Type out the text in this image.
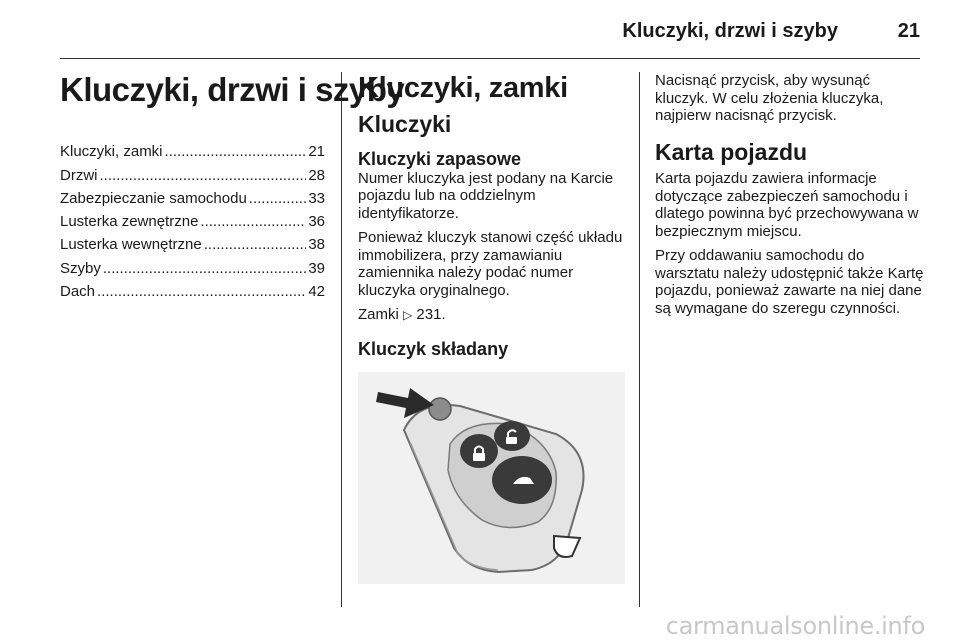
Kluczyki, drzwi i szyby	21
Kluczyki, drzwi i szyby
Kluczyki, zamki .....	21
Drzwi .....	28
Zabezpieczanie samochodu .....	33
Lusterka zewnętrzne .....	36
Lusterka wewnętrzne .....	38
Szyby .....	39
Dach .....	42
Kluczyki, zamki
Kluczyki
Kluczyki zapasowe

Numer kluczyka jest podany na Karcie pojazdu lub na oddzielnym identyfikatorze.

Ponieważ kluczyk stanowi część układu immobilizera, przy zamawianiu zamiennika należy podać numer kluczyka oryginalnego.

Zamki ▷ 231.

Kluczyk składany

Nacisnąć przycisk, aby wysunąć kluczyk. W celu złożenia kluczyka, najpierw nacisnąć przycisk.

Karta pojazdu

Karta pojazdu zawiera informacje dotyczące zabezpieczeń samochodu i dlatego powinna być przechowywana w bezpiecznym miejscu.

Przy oddawaniu samochodu do warsztatu należy udostępnić także Kartę pojazdu, ponieważ zawarte na niej dane są wymagane do szeregu czynności.

carmanualsonline.info
